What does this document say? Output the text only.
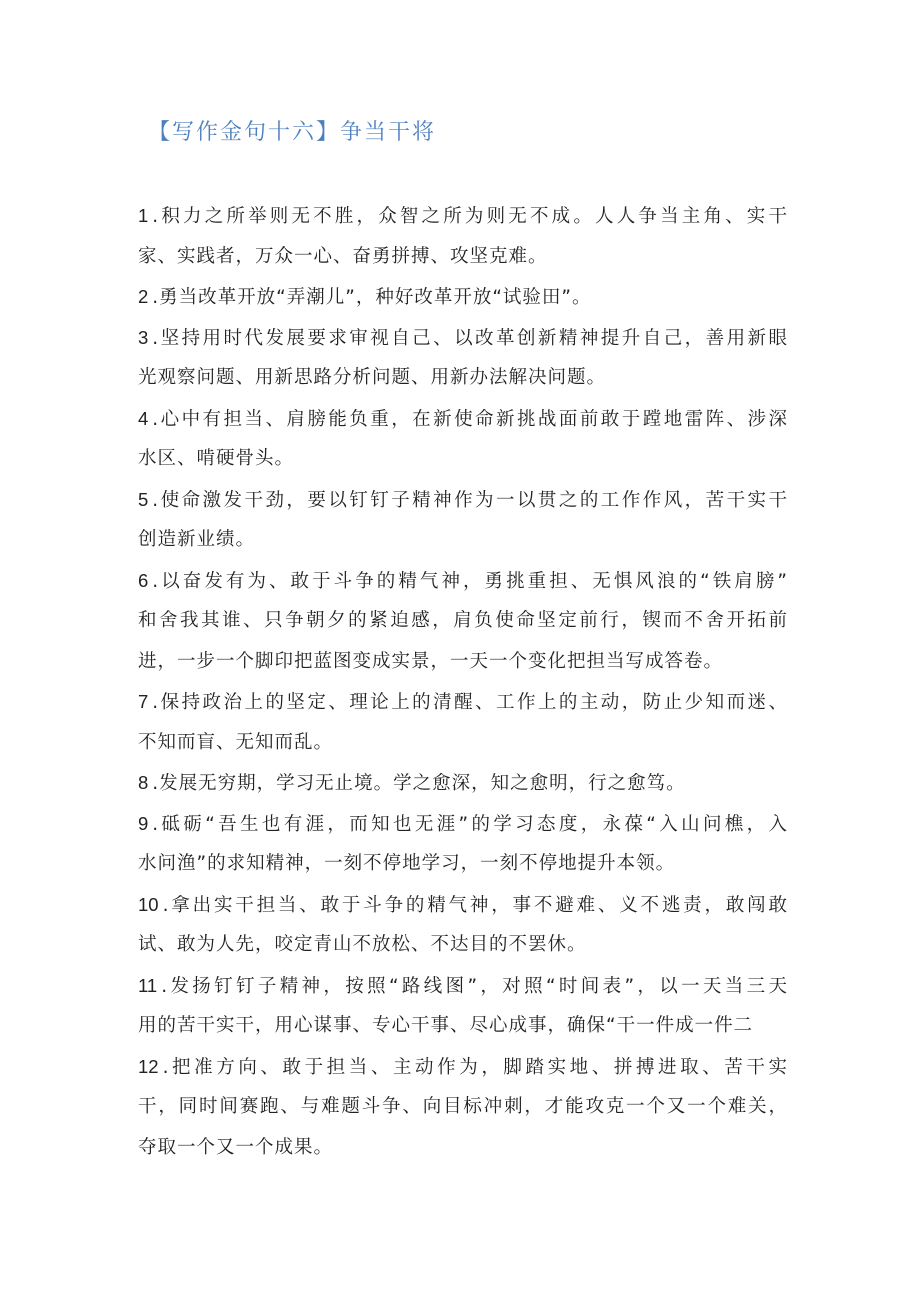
【写作金句十六】争当干将
1 .积力之所举则无不胜，众智之所为则无不成。人人争当主角、实干
家、实践者，万众一心、奋勇拼搏、攻坚克难。
2 .勇当改革开放“弄潮儿”，种好改革开放“试验田”。
3 .坚持用时代发展要求审视自己、以改革创新精神提升自己，善用新眼
光观察问题、用新思路分析问题、用新办法解决问题。
4 .心中有担当、肩膀能负重，在新使命新挑战面前敢于蹚地雷阵、涉深
水区、啃硬骨头。
5 .使命激发干劲，要以钉钉子精神作为一以贯之的工作作风，苦干实干
创造新业绩。
6 .以奋发有为、敢于斗争的精气神，勇挑重担、无惧风浪的“铁肩膀”
和舍我其谁、只争朝夕的紧迫感，肩负使命坚定前行，锲而不舍开拓前
进，一步一个脚印把蓝图变成实景，一天一个变化把担当写成答卷。
7 .保持政治上的坚定、理论上的清醒、工作上的主动，防止少知而迷、
不知而盲、无知而乱。
8 .发展无穷期，学习无止境。学之愈深，知之愈明，行之愈笃。
9 .砥砺“吾生也有涯，而知也无涯”的学习态度，永葆“入山问樵，入
水问渔”的求知精神，一刻不停地学习，一刻不停地提升本领。
10 .拿出实干担当、敢于斗争的精气神，事不避难、义不逃责，敢闯敢
试、敢为人先，咬定青山不放松、不达目的不罢休。
11 .发扬钉钉子精神，按照“路线图”，对照“时间表”，以一天当三天
用的苦干实干，用心谋事、专心干事、尽心成事，确保“干一件成一件二
12 .把准方向、敢于担当、主动作为，脚踏实地、拼搏进取、苦干实
干，同时间赛跑、与难题斗争、向目标冲刺，才能攻克一个又一个难关，
夺取一个又一个成果。
